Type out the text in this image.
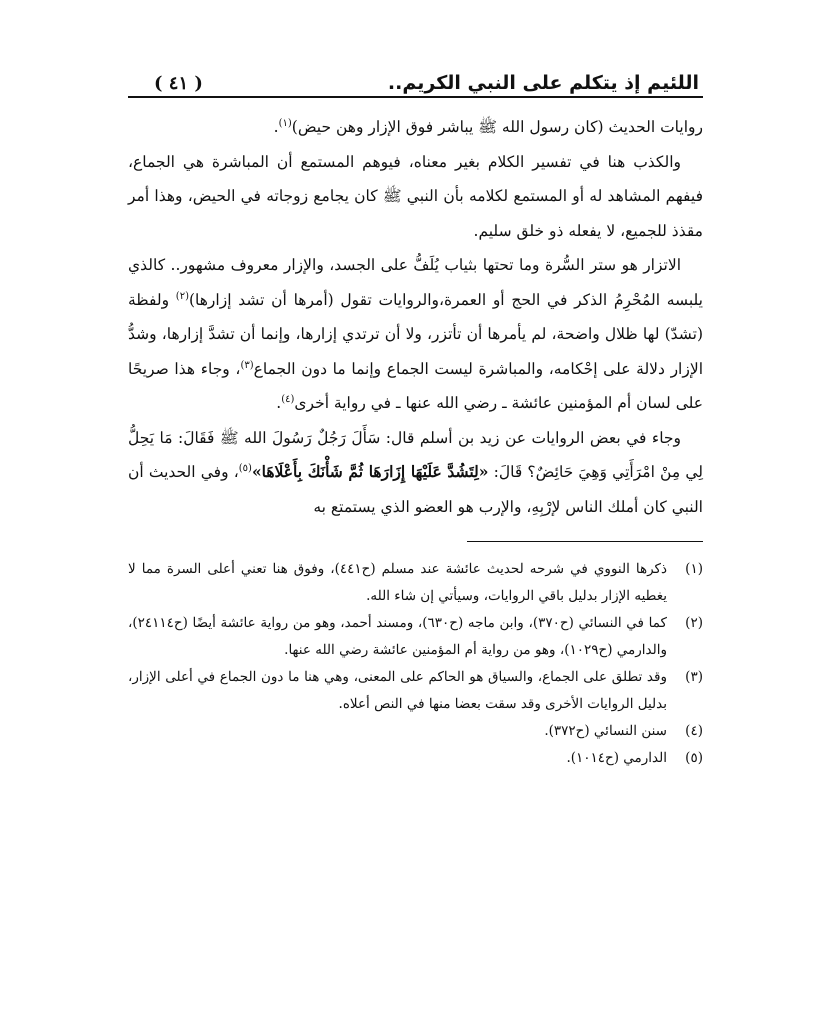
اللئيم إذ يتكلم على النبي الكريم..
( ٤١ )

روايات الحديث (كان رسول الله ﷺ يباشر فوق الإزار وهن حيض)$^{(١)}$.

والكذب هنا في تفسير الكلام بغير معناه، فيوهم المستمع أن المباشرة هي الجماع، فيفهم المشاهد له أو المستمع لكلامه بأن النبي ﷺ كان يجامع زوجاته في الحيض، وهذا أمر مقذذ للجميع، لا يفعله ذو خلق سليم.

الاتزار هو ستر السُّرة وما تحتها بثياب يُلَفُّ على الجسد، والإزار معروف مشهور.. كالذي يلبسه المُحْرِمُ الذكر في الحج أو العمرة،والروايات تقول (أمرها أن تشد إزارها)$^{(٢)}$ ولفظة (تشدّ) لها ظلال واضحة، لم يأمرها أن تأتزر، ولا أن ترتدي إزارها، وإنما أن تشدَّ إزارها، وشدُّ الإزار دلالة على إحْكامه، والمباشرة ليست الجماع وإنما ما دون الجماع$^{(٣)}$، وجاء هذا صريحًا على لسان أم المؤمنين عائشة ـ رضي الله عنها ـ في رواية أخرى$^{(٤)}$.

وجاء في بعض الروايات عن زيد بن أسلم قال: سَأَلَ رَجُلٌ رَسُولَ الله ﷺ فَقَالَ: مَا يَحِلُّ لِي مِنْ امْرَأَتِي وَهِيَ حَائِضٌ؟ قَالَ: «لِتَشُدَّ عَلَيْهَا إِزَارَهَا ثُمَّ شَأْنَكَ بِأَعْلَاهَا»$^{(٥)}$، وفي الحديث أن النبي كان أملك الناس لإرْبِهِ، والإرب هو العضو الذي يستمتع به

(١)
ذكرها النووي في شرحه لحديث عائشة عند مسلم (ح٤٤١)، وفوق هنا تعني أعلى السرة مما لا يغطيه الإزار بدليل باقي الروايات، وسيأتي إن شاء الله.
(٢)
كما في النسائي (ح٣٧٠)، وابن ماجه (ح٦٣٠)، ومسند أحمد، وهو من رواية عائشة أيضًا (ح٢٤١١٤)، والدارمي (ح١٠٢٩)، وهو من رواية أم المؤمنين عائشة رضي الله عنها.
(٣)
وقد تطلق على الجماع، والسياق هو الحاكم على المعنى، وهي هنا ما دون الجماع في أعلى الإزار، بدليل الروايات الأخرى وقد سقت بعضا منها في النص أعلاه.
(٤)
سنن النسائي (ح٣٧٢).
(٥)
الدارمي (ح١٠١٤).
